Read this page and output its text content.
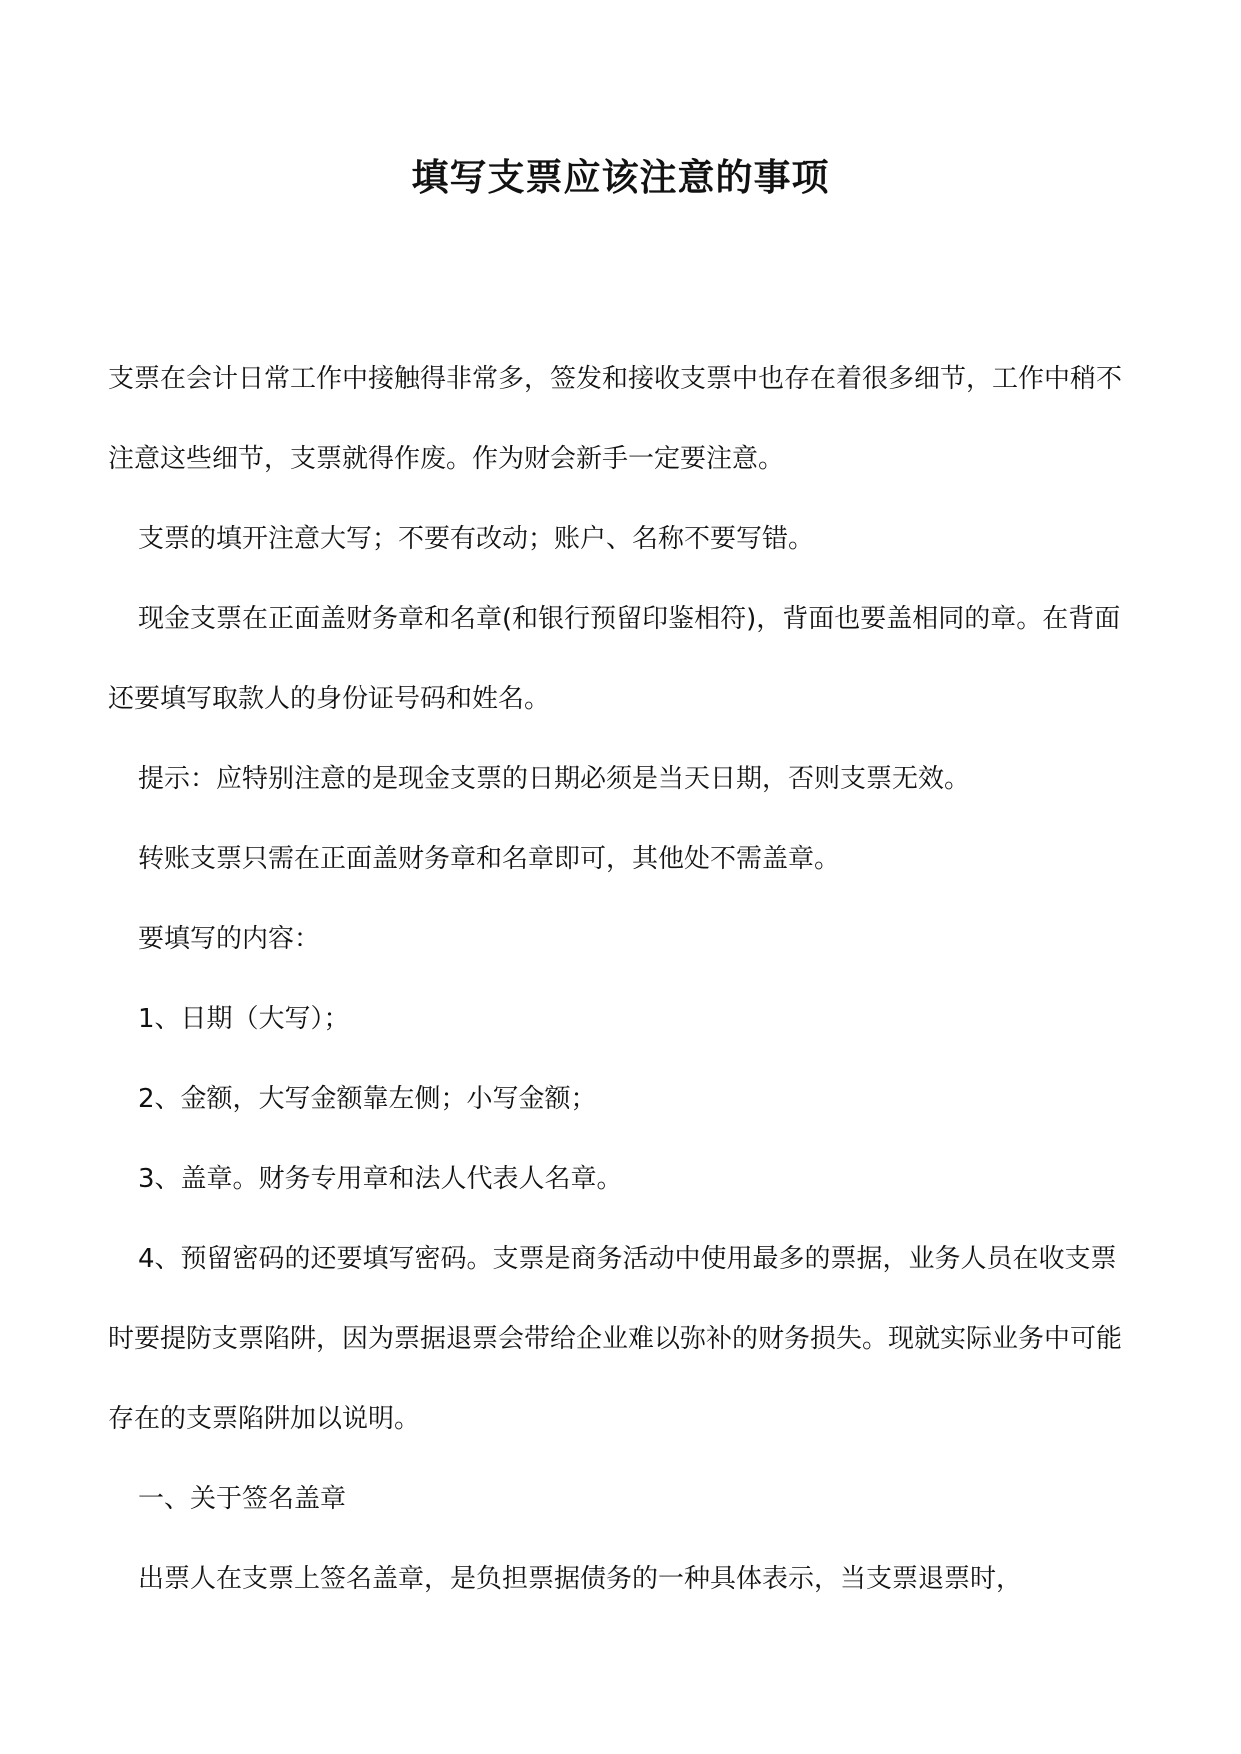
填写支票应该注意的事项

支票在会计日常工作中接触得非常多，签发和接收支票中也存在着很多细节，工作中稍不注意这些细节，支票就得作废。作为财会新手一定要注意。

支票的填开注意大写；不要有改动；账户、名称不要写错。

现金支票在正面盖财务章和名章(和银行预留印鉴相符)，背面也要盖相同的章。在背面还要填写取款人的身份证号码和姓名。

提示：应特别注意的是现金支票的日期必须是当天日期，否则支票无效。

转账支票只需在正面盖财务章和名章即可，其他处不需盖章。

要填写的内容：

1、日期（大写）；

2、金额，大写金额靠左侧；小写金额；

3、盖章。财务专用章和法人代表人名章。

4、预留密码的还要填写密码。支票是商务活动中使用最多的票据，业务人员在收支票时要提防支票陷阱，因为票据退票会带给企业难以弥补的财务损失。现就实际业务中可能存在的支票陷阱加以说明。

一、关于签名盖章

出票人在支票上签名盖章，是负担票据债务的一种具体表示，当支票退票时，
